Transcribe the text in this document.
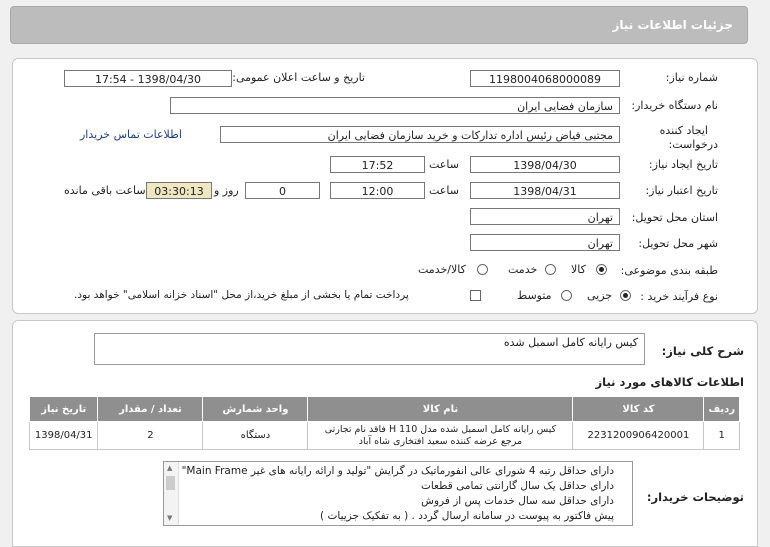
جزئیات اطلاعات نیاز
شماره نیاز:
1198004068000089
تاریخ و ساعت اعلان عمومی:
1398/04/30 - 17:54
نام دستگاه خریدار:
سازمان فضایی ایران
ایجاد کننده
درخواست:
مجتبی فیاض رئیس اداره تدارکات و خرید سازمان فضایی ایران
اطلاعات تماس خریدار
تاریخ ایجاد نیاز:
1398/04/30
ساعت
17:52
تاریخ اعتبار نیاز:
1398/04/31
ساعت
12:00
0
روز و
03:30:13
ساعت باقی مانده
استان محل تحویل:
تهران
شهر محل تحویل:
تهران
طبقه بندی موضوعی:
کالا
خدمت
کالا/خدمت
نوع فرآیند خرید :
جزیی
متوسط
پرداخت تمام یا بخشی از مبلغ خرید،از محل "اسناد خزانه اسلامی" خواهد بود.
شرح کلی نیاز:
کیس رایانه کامل اسمبل شده
اطلاعات کالاهای مورد نیاز
ردیف	کد کالا	نام کالا	واحد شمارش	تعداد / مقدار	تاریخ نیاز
1	2231200906420001	کیس رایانه کامل اسمبل شده مدل H 110 فاقد نام تجارتی
مرجع عرضه کننده سعید افتخاری شاه آباد	دستگاه	2	1398/04/31
توضیحات خریدار:
▲
▼
دارای حداقل رتبه 4 شورای عالی انفورماتیک در گرایش "تولید و ارائه رایانه های غیر Main Frame"
دارای حداقل یک سال گارانتی تمامی قطعات
دارای حداقل سه سال خدمات پس از فروش
پیش فاکتور به پیوست در سامانه ارسال گردد . ( به تفکیک جزییات )
